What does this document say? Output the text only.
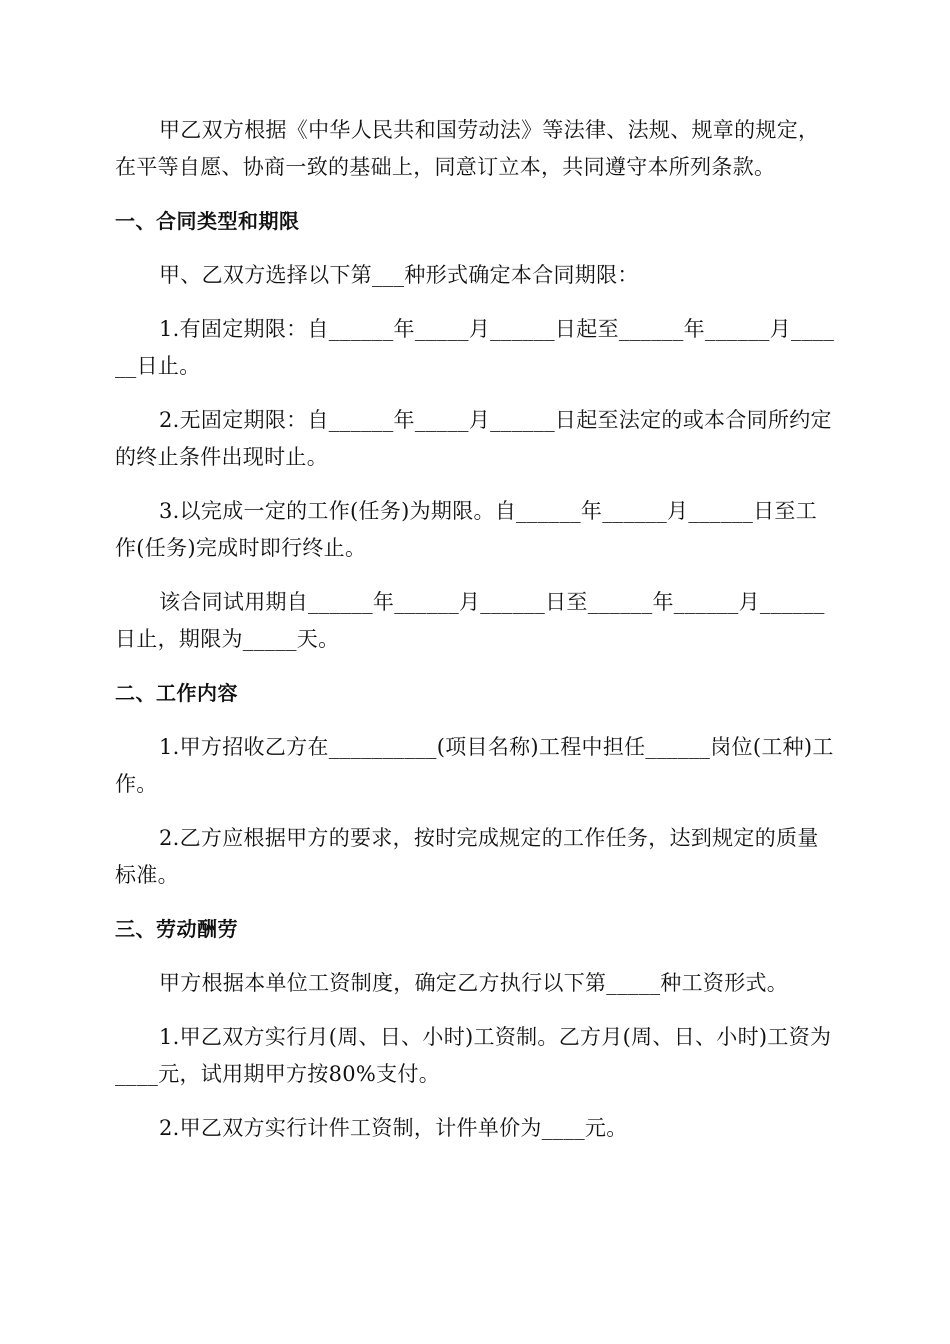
甲乙双方根据《中华人民共和国劳动法》等法律、法规、规章的规定，在平等自愿、协商一致的基础上，同意订立本，共同遵守本所列条款。

一、合同类型和期限

甲、乙双方选择以下第___种形式确定本合同期限：

1.有固定期限：自______年_____月______日起至______年______月______日止。

2.无固定期限：自______年_____月______日起至法定的或本合同所约定的终止条件出现时止。

3.以完成一定的工作(任务)为期限。自______年______月______日至工作(任务)完成时即行终止。

该合同试用期自______年______月______日至______年______月______日止，期限为_____天。

二、工作内容

1.甲方招收乙方在__________(项目名称)工程中担任______岗位(工种)工作。

2.乙方应根据甲方的要求，按时完成规定的工作任务，达到规定的质量标准。

三、劳动酬劳

甲方根据本单位工资制度，确定乙方执行以下第_____种工资形式。

1.甲乙双方实行月(周、日、小时)工资制。乙方月(周、日、小时)工资为____元，试用期甲方按80%支付。

2.甲乙双方实行计件工资制，计件单价为____元。
